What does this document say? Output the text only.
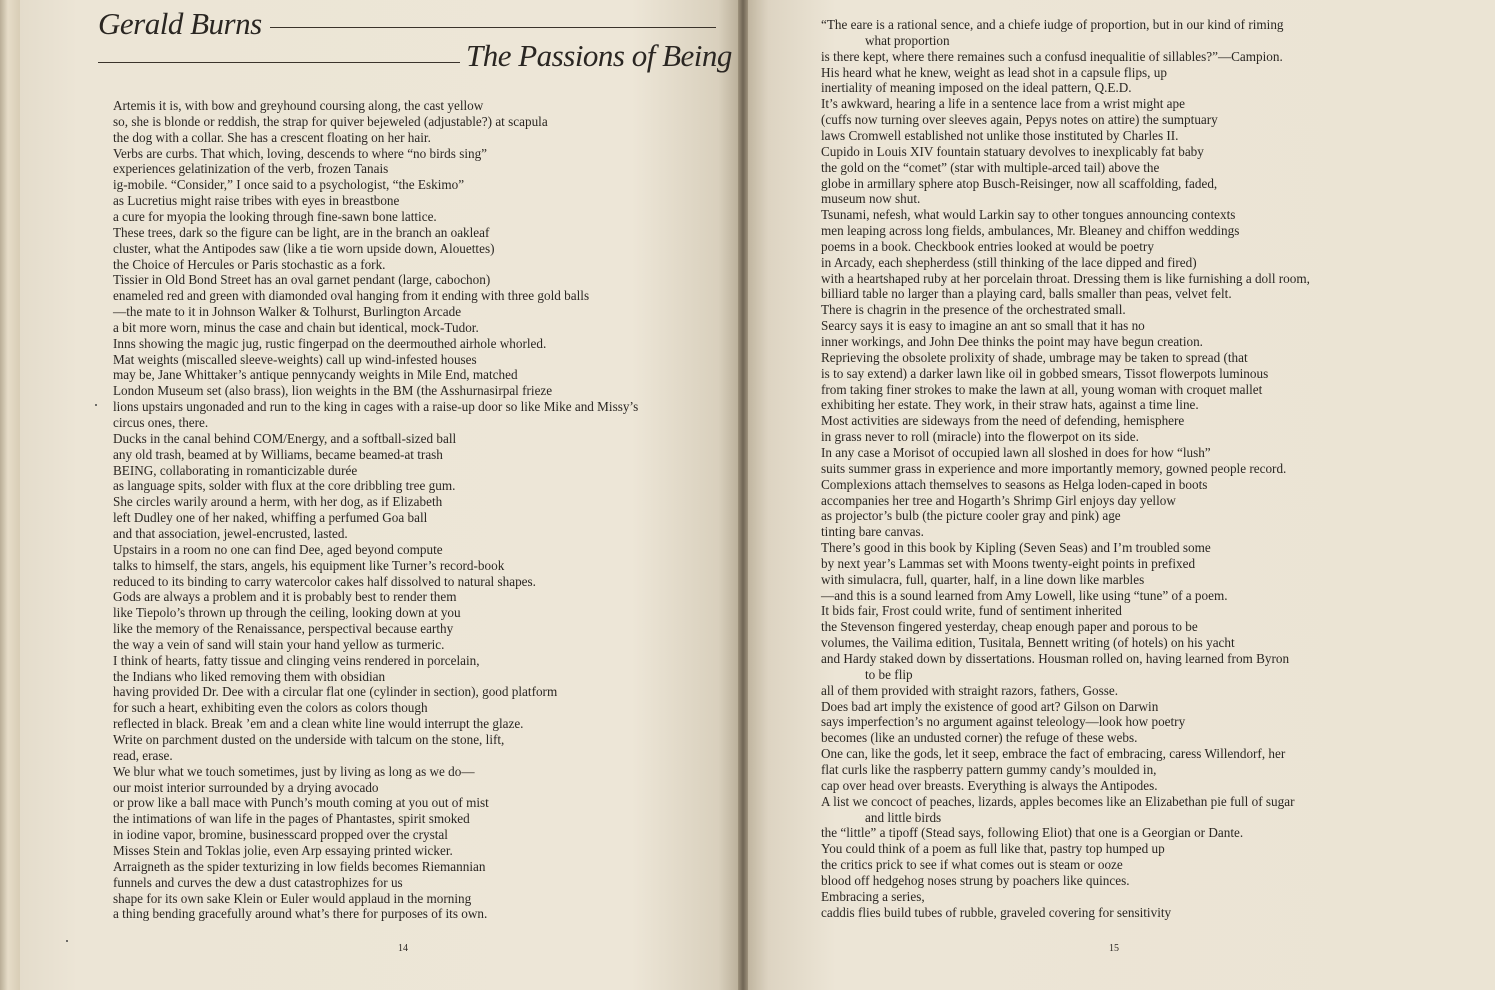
Gerald Burns
The Passions of Being
Artemis it is, with bow and greyhound coursing along, the cast yellow
so, she is blonde or reddish, the strap for quiver bejeweled (adjustable?) at scapula
the dog with a collar. She has a crescent floating on her hair.
Verbs are curbs. That which, loving, descends to where “no birds sing”
experiences gelatinization of the verb, frozen Tanais
ig-mobile. “Consider,” I once said to a psychologist, “the Eskimo”
as Lucretius might raise tribes with eyes in breastbone
a cure for myopia the looking through fine-sawn bone lattice.
These trees, dark so the figure can be light, are in the branch an oakleaf
cluster, what the Antipodes saw (like a tie worn upside down, Alouettes)
the Choice of Hercules or Paris stochastic as a fork.
Tissier in Old Bond Street has an oval garnet pendant (large, cabochon)
enameled red and green with diamonded oval hanging from it ending with three gold balls
—the mate to it in Johnson Walker & Tolhurst, Burlington Arcade
a bit more worn, minus the case and chain but identical, mock-Tudor.
Inns showing the magic jug, rustic fingerpad on the deermouthed airhole whorled.
Mat weights (miscalled sleeve-weights) call up wind-infested houses
may be, Jane Whittaker’s antique pennycandy weights in Mile End, matched
London Museum set (also brass), lion weights in the BM (the Asshurnasirpal frieze
lions upstairs ungonaded and run to the king in cages with a raise-up door so like Mike and Missy’s
circus ones, there.
Ducks in the canal behind COM/Energy, and a softball-sized ball
any old trash, beamed at by Williams, became beamed-at trash
BEING, collaborating in romanticizable durée
as language spits, solder with flux at the core dribbling tree gum.
She circles warily around a herm, with her dog, as if Elizabeth
left Dudley one of her naked, whiffing a perfumed Goa ball
and that association, jewel-encrusted, lasted.
Upstairs in a room no one can find Dee, aged beyond compute
talks to himself, the stars, angels, his equipment like Turner’s record-book
reduced to its binding to carry watercolor cakes half dissolved to natural shapes.
Gods are always a problem and it is probably best to render them
like Tiepolo’s thrown up through the ceiling, looking down at you
like the memory of the Renaissance, perspectival because earthy
the way a vein of sand will stain your hand yellow as turmeric.
I think of hearts, fatty tissue and clinging veins rendered in porcelain,
the Indians who liked removing them with obsidian
having provided Dr. Dee with a circular flat one (cylinder in section), good platform
for such a heart, exhibiting even the colors as colors though
reflected in black. Break ’em and a clean white line would interrupt the glaze.
Write on parchment dusted on the underside with talcum on the stone, lift,
read, erase.
We blur what we touch sometimes, just by living as long as we do—
our moist interior surrounded by a drying avocado
or prow like a ball mace with Punch’s mouth coming at you out of mist
the intimations of wan life in the pages of Phantastes, spirit smoked
in iodine vapor, bromine, businesscard propped over the crystal
Misses Stein and Toklas jolie, even Arp essaying printed wicker.
Arraigneth as the spider texturizing in low fields becomes Riemannian
funnels and curves the dew a dust catastrophizes for us
shape for its own sake Klein or Euler would applaud in the morning
a thing bending gracefully around what’s there for purposes of its own.
“The eare is a rational sence, and a chiefe iudge of proportion, but in our kind of riming
what proportion
is there kept, where there remaines such a confusd inequalitie of sillables?”—Campion.
His heard what he knew, weight as lead shot in a capsule flips, up
inertiality of meaning imposed on the ideal pattern, Q.E.D.
It’s awkward, hearing a life in a sentence lace from a wrist might ape
(cuffs now turning over sleeves again, Pepys notes on attire) the sumptuary
laws Cromwell established not unlike those instituted by Charles II.
Cupido in Louis XIV fountain statuary devolves to inexplicably fat baby
the gold on the “comet” (star with multiple-arced tail) above the
globe in armillary sphere atop Busch-Reisinger, now all scaffolding, faded,
museum now shut.
Tsunami, nefesh, what would Larkin say to other tongues announcing contexts
men leaping across long fields, ambulances, Mr. Bleaney and chiffon weddings
poems in a book. Checkbook entries looked at would be poetry
in Arcady, each shepherdess (still thinking of the lace dipped and fired)
with a heartshaped ruby at her porcelain throat. Dressing them is like furnishing a doll room,
billiard table no larger than a playing card, balls smaller than peas, velvet felt.
There is chagrin in the presence of the orchestrated small.
Searcy says it is easy to imagine an ant so small that it has no
inner workings, and John Dee thinks the point may have begun creation.
Reprieving the obsolete prolixity of shade, umbrage may be taken to spread (that
is to say extend) a darker lawn like oil in gobbed smears, Tissot flowerpots luminous
from taking finer strokes to make the lawn at all, young woman with croquet mallet
exhibiting her estate. They work, in their straw hats, against a time line.
Most activities are sideways from the need of defending, hemisphere
in grass never to roll (miracle) into the flowerpot on its side.
In any case a Morisot of occupied lawn all sloshed in does for how “lush”
suits summer grass in experience and more importantly memory, gowned people record.
Complexions attach themselves to seasons as Helga loden-caped in boots
accompanies her tree and Hogarth’s Shrimp Girl enjoys day yellow
as projector’s bulb (the picture cooler gray and pink) age
tinting bare canvas.
There’s good in this book by Kipling (Seven Seas) and I’m troubled some
by next year’s Lammas set with Moons twenty-eight points in prefixed
with simulacra, full, quarter, half, in a line down like marbles
—and this is a sound learned from Amy Lowell, like using “tune” of a poem.
It bids fair, Frost could write, fund of sentiment inherited
the Stevenson fingered yesterday, cheap enough paper and porous to be
volumes, the Vailima edition, Tusitala, Bennett writing (of hotels) on his yacht
and Hardy staked down by dissertations. Housman rolled on, having learned from Byron
to be flip
all of them provided with straight razors, fathers, Gosse.
Does bad art imply the existence of good art? Gilson on Darwin
says imperfection’s no argument against teleology—look how poetry
becomes (like an undusted corner) the refuge of these webs.
One can, like the gods, let it seep, embrace the fact of embracing, caress Willendorf, her
flat curls like the raspberry pattern gummy candy’s moulded in,
cap over head over breasts. Everything is always the Antipodes.
A list we concoct of peaches, lizards, apples becomes like an Elizabethan pie full of sugar
and little birds
the “little” a tipoff (Stead says, following Eliot) that one is a Georgian or Dante.
You could think of a poem as full like that, pastry top humped up
the critics prick to see if what comes out is steam or ooze
blood off hedgehog noses strung by poachers like quinces.
Embracing a series,
caddis flies build tubes of rubble, graveled covering for sensitivity
14	15
